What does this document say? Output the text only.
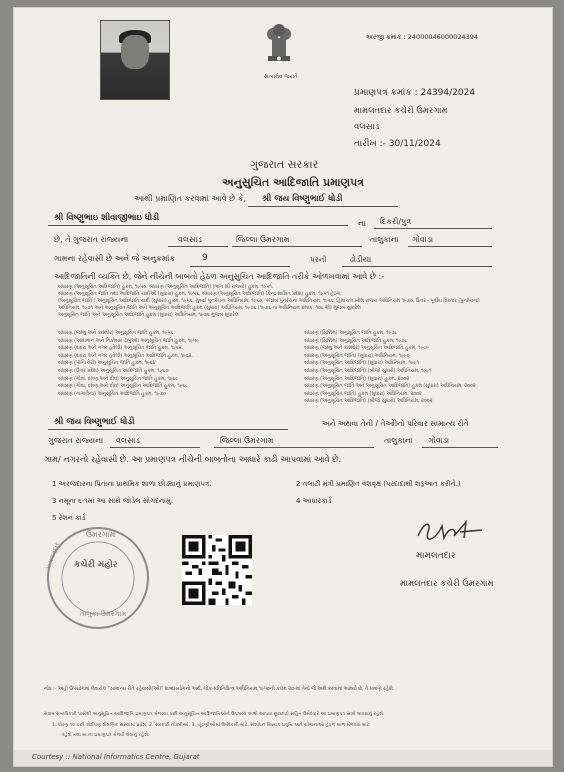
સત્યમેવ જયતે
અરજી ક્રમાંક : 24000046000024394
પ્રમાણપત્ર ક્રમાંક : 24394/2024
મામલતદાર કચેરી ઉમરગામ
વલસાડ
તારીખ :- 30/11/2024
ગુજરાત સરકાર
અનુસુચિત આદિજાતિ પ્રમાણપત્ર
આથી પ્રમાણિત કરવામાં આવે છે કે, શ્રી જય વિષ્ણુભાઈ ધોડી
શ્રી વિષ્ણુભાઇ શીવાજીભાઇ ધોડી
ના દિકરી/પુત્ર
છે, તે ગુજરાત રાજ્યના	વલસાડ	જિલ્લા ઉમરગામ	તાલુકાના ગોવાડા
ગામના રહેવાસી છે અને જે અનુક્રમાંક	9	પરની	ઢોડીયા
આદિજાતિની વ્યક્તિ છે, જેને નીચેની બાબતો હેઠળ અનુસુચિત આદિજાતિ તરીકે ઓળખવામાં આવે છે :-
બંધારણ (અનુસૂચિત આદિજાતિ) હુકમ, ૧૯૫૦. બંધારણ (અનુસૂચિત આદિજાતિ) (ભાગ સી રાજ્યો) હુકમ, ૧૯૫૧.
બંધારણ (અનુસૂચિત જાતિ તથા આદિજાતિ યાદીઓ (સુધારા) હુકમ, ૧૯૫૬, બંધારણ (અનુસૂચિત આદિજાતિ) (કેન્દ્ર શાસિત પ્રદેશ) હુકમ, ૧૯૫૧ હેઠળ.
(અનુસૂચિત જાતિ / અનુસૂચિત આદિજાતિ યાદી (સુધારા) હુકમ, ૧૯૫૬, મુંબઈ પુનર્રચના અધિનિયમ, ૧૯૬૦, પંજાબ પુનર્રચના અધિનિયમ, ૧૯૬૬, હિમાચલ પ્રદેશ રાજ્ય અધિનિયમ ૧૯૭૦, ઉત્તર - પૂર્વીય વિસ્તાર (પુનર્રચના)
અધિનિયમ, ૧૯૭૧ અને અનુસૂચિત જાતિ અને અનુસૂચિત આદિજાતિ હુકમ (સુધારા) અધિનિયમ, ૧૯૭૬ (૧૯૭૬ ના અધિનિયમ ક્રમાંક: ૧૦૮ થી) મુજબ સુધારેલ
અનુસૂચિત જાતિ અને અનુસૂચિત આદિજાતિ હુકમ (સુધારા) અધિનિયમ, ૧૯૭૬ મુજબ સુધારેલ
બંધારણ (જમ્મુ અને કાશ્મીર) અનુસૂચિત જાતિ હુકમ, ૧૯૫૬.
બંધારણ (આંદામાન અને નિકોબાર ટાપુઓ) અનુસૂચિત જાતિ હુકમ, ૧૯૫૯
બંધારણ (દાદરા અને નગર હવેલી) અનુસૂચિત જાતિ હુકમ, ૧૯૬૨.
બંધારણ (દાદરા અને નગર હવેલી) અનુસૂચિત આદિજાતિ હુકમ, ૧૯૬૨.
બંધારણ (પૉન્ડિચેરી) અનુસૂચિત જાતિ હુકમ, ૧૯૬૪
બંધારણ (ઉત્તર પ્રદેશ) અનુસૂચિત આદિજાતિ હુકમ, ૧૯૬૭
બંધારણ (ગોવા, દમણ અને દીવ) અનુસૂચિત જાતિ હુકમ, ૧૯૬૮
બંધારણ (ગોવા, દમણ અને દીવ) અનુસૂચિત આદિજાતિ હુકમ, ૧૯૬૮
બંધારણ (નાગાલેન્ડ) અનુસૂચિત આદિજાતિ હુકમ, ૧૯૭૦
બંધારણ (સિક્કિમ) અનુસૂચિત જાતિ હુકમ, ૧૯૭૮
બંધારણ (સિક્કિમ) અનુસૂચિત આદિજાતિ હુકમ, ૧૯૭૮
બંધારણ (જમ્મુ અને કાશ્મીર) અનુસૂચિત આદિજાતિ હુકમ, ૧૯૮૯
બંધારણ (અનુસૂચિત જાતિ) (સુધારા) અધિનિયમ, ૧૯૯૦
બંધારણ (અનુસૂચિત આદિજાતિ) (સુધારા) અધિનિયમ, ૧૯૯૧
બંધારણ (અનુસૂચિત આદિજાતિ) (બીજો સુધારો) અધિનિયમ, ૧૯૯૧
બંધારણ (અનુસૂચિત આદિજાતિ) (સુધારા) હુકમ, ૨૦૦૨
બંધારણ (અનુસૂચિત જાતિ અને અનુસૂચિત આદિજાતિ) હુકમ (સુધારા) અધિનિયમ, ૨૦૦૨
બંધારણ (અનુસૂચિત જાતિ) હુકમ (સુધારા) અધિનિયમ, ૨૦૦૨
બંધારણ (અનુસૂચિત આદિજાતિ) (બીજો સુધારો) અધિનિયમ, ૨૦૦૨
શ્રી જય વિષ્ણુભાઈ ધોડી	અને અથવા તેની / તેઓીનો પરિવાર સામાન્ય રીતે
ગુજરાત રાજ્યના વલસાડ	જિલ્લા ઉમરગામ	તાલુકાના ગોવાડા
ગામ/ નગરનો રહેવાસી છે. આ પ્રમાણપત્ર નીચેની બાબતોના આધારે કાઢી આપવામાં આવે છે.
1 અરજદારના પિતાના પ્રાથમિક શાળા છોડ્યાનું પ્રમાણપત્ર.	2 તલાટી મંત્રી પ્રમાણિત વંશવૃક્ષ (પરદાદાથી શરૂઆત કરીને.)
3 નમૂના ૬-૧માં આ સાથે જોડેલ સોગંદનામું.	4 આધારકાર્ડ
5 રેશન કાર્ડ
ઉમરગામ
કચેરી મહોર
મામલતદાર
તાલુકા ઉમરગામ
મામલતદાર
મામલતદાર કચેરી ઉમરગામ
નોંધ :- અહીં ઉપયોગમાં લેવાયેલ "સામાન્ય રીતે રહેવાસી(ઓ)" શબ્દપ્રયોગનો અર્થ, લોક-પ્રતિનિધિત્વ અધિનિયમ,૧૯૫૦ની કલમ ૨૦-માં તેનો જે અર્થ કરવામાં આવ્યો છે, તે પ્રમાણે રહેશે.
સક્ષમ સત્તાધિકારી પાસેથી અનુસૂચિત આદિજાતિ પ્રમાણપત્ર મેળવ્યા પછી અનુસૂચિત આદિજાતિઓને ઉપલબ્ધ લાભો આપવા છૂટછાટો સહિત ઉમેદવારે આ પ્રમાણપત્ર સાથે લાવવાનું રહેશે.
1. ધોરણ ૧૦ પછી કોઈપણ શૈક્ષણિક સંસ્થામાં પ્રવેશ, 2. સરકારી નોકરીઓ, 3. ચૂંટણીઓમાં ઉમેદવારી માટે, સંશોધન વિષયક પ્રવૃત્તિ અને યોજનાઓ હેઠળ લાભ મેળવવા માટે
રહેશે તથા મા.ના પ્રમાણપત્ર મેળવી લેવાનું રહેશે.
Courtesy :: National Informatics Centre, Gujarat
